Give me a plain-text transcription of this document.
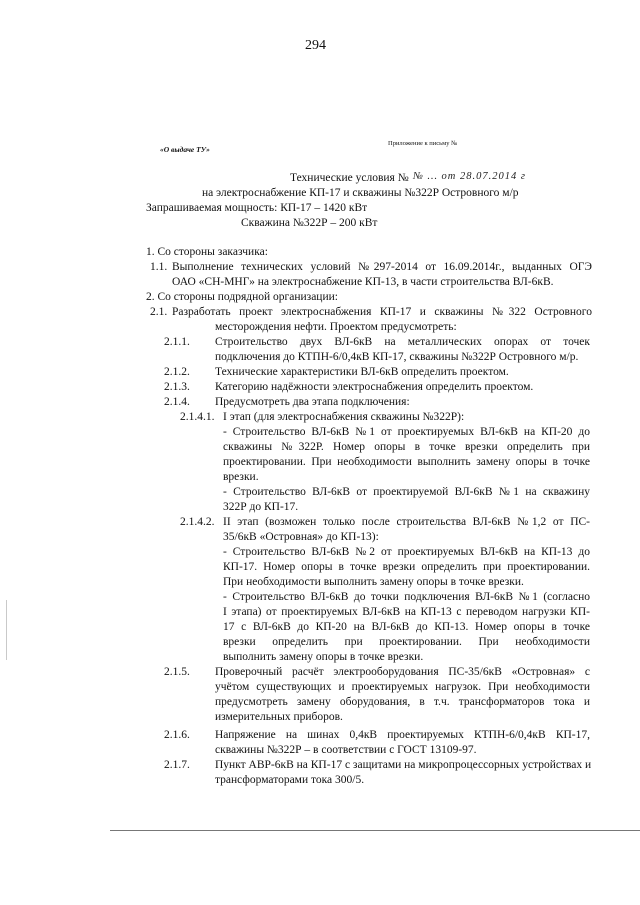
294
«О выдаче ТУ»
Приложение к письму №

Технические условия № № … от 28.07.2014 г
на электроснабжение КП-17 и скважины №322Р Островного м/р
Запрашиваемая мощность: КП-17 – 1420 кВт
Скважина №322Р – 200 кВт
1. Со стороны заказчика:
1.1. Выполнение технических условий №297-2014 от 16.09.2014г., выданных ОГЭ
ОАО «СН-МНГ» на электроснабжение КП-13, в части строительства ВЛ-6кВ.
2. Со стороны подрядной организации:
2.1. Разработать проект электроснабжения КП-17 и скважины №322 Островного
месторождения нефти. Проектом предусмотреть:
2.1.1. Строительство двух ВЛ-6кВ на металлических опорах от точек
подключения до КТПН-6/0,4кВ КП-17, скважины №322Р Островного м/р.
2.1.2. Технические характеристики ВЛ-6кВ определить проектом.
2.1.3. Категорию надёжности электроснабжения определить проектом.
2.1.4. Предусмотреть два этапа подключения:
2.1.4.1. I этап (для электроснабжения скважины №322Р):
- Строительство ВЛ-6кВ №1 от проектируемых ВЛ-6кВ на КП-20 до
скважины №322Р. Номер опоры в точке врезки определить при
проектировании. При необходимости выполнить замену опоры в точке
врезки.
- Строительство ВЛ-6кВ от проектируемой ВЛ-6кВ №1 на скважину
322Р до КП-17.
2.1.4.2. II этап (возможен только после строительства ВЛ-6кВ №1,2 от ПС-
35/6кВ «Островная» до КП-13):
- Строительство ВЛ-6кВ №2 от проектируемых ВЛ-6кВ на КП-13 до
КП-17. Номер опоры в точке врезки определить при проектировании.
При необходимости выполнить замену опоры в точке врезки.
- Строительство ВЛ-6кВ до точки подключения ВЛ-6кВ №1 (согласно
I этапа) от проектируемых ВЛ-6кВ на КП-13 с переводом нагрузки КП-
17 с ВЛ-6кВ до КП-20 на ВЛ-6кВ до КП-13. Номер опоры в точке
врезки определить при проектировании. При необходимости
выполнить замену опоры в точке врезки.
2.1.5. Проверочный расчёт электрооборудования ПС-35/6кВ «Островная» с
учётом существующих и проектируемых нагрузок. При необходимости
предусмотреть замену оборудования, в т.ч. трансформаторов тока и
измерительных приборов.
2.1.6. Напряжение на шинах 0,4кВ проектируемых КТПН-6/0,4кВ КП-17,
скважины №322Р – в соответствии с ГОСТ 13109-97.
2.1.7. Пункт АВР-6кВ на КП-17 с защитами на микропроцессорных устройствах и
трансформаторами тока 300/5.
